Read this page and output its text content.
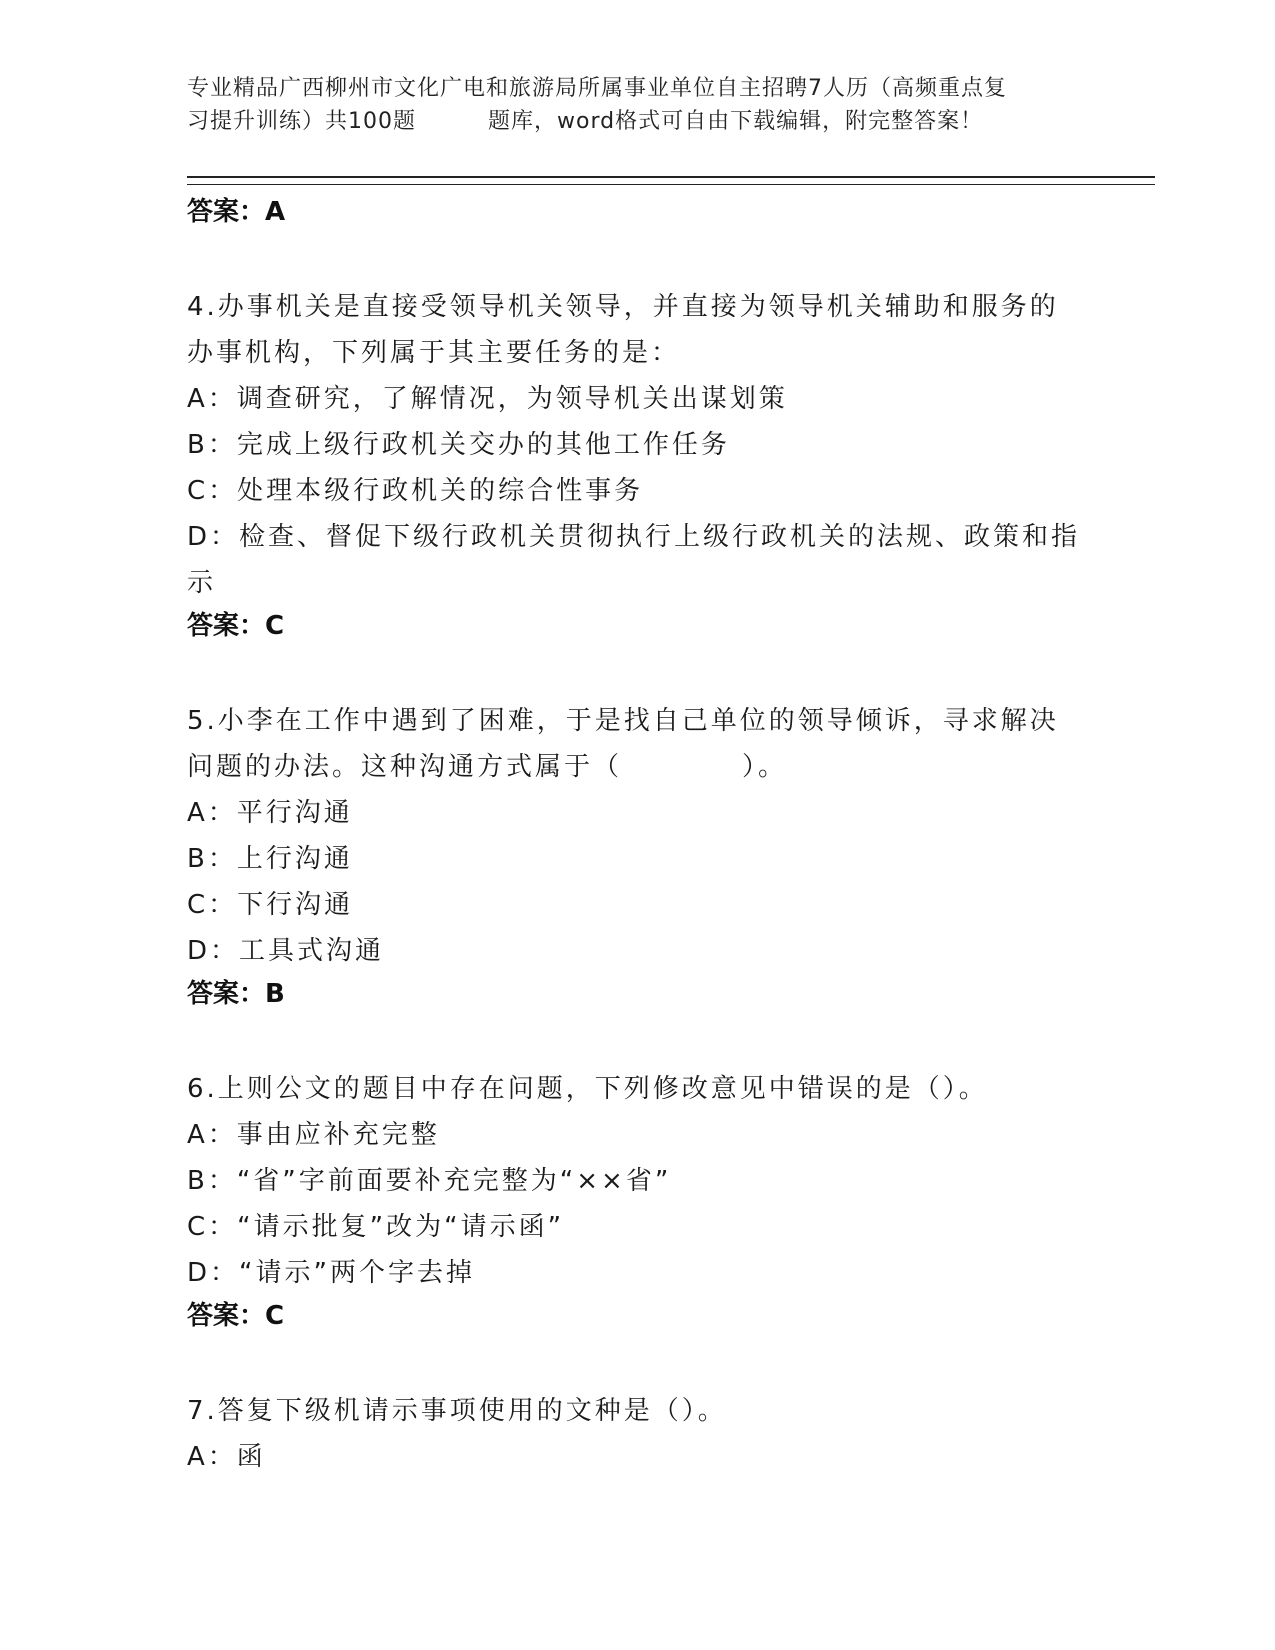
专业精品广西柳州市文化广电和旅游局所属事业单位自主招聘7人历（高频重点复
习提升训练）共100题	题库，word格式可自由下载编辑，附完整答案！

答案：A

4.办事机关是直接受领导机关领导，并直接为领导机关辅助和服务的办事机构，下列属于其主要任务的是：

A：调查研究，了解情况，为领导机关出谋划策

B：完成上级行政机关交办的其他工作任务

C：处理本级行政机关的综合性事务

D：检查、督促下级行政机关贯彻执行上级行政机关的法规、政策和指示

答案：C

5.小李在工作中遇到了困难，于是找自己单位的领导倾诉，寻求解决问题的办法。这种沟通方式属于（	）。

A：平行沟通

B：上行沟通

C：下行沟通

D：工具式沟通

答案：B

6.上则公文的题目中存在问题，下列修改意见中错误的是（）。

A：事由应补充完整

B：“省”字前面要补充完整为“××省”

C：“请示批复”改为“请示函”

D：“请示”两个字去掉

答案：C

7.答复下级机请示事项使用的文种是（）。

A：函
